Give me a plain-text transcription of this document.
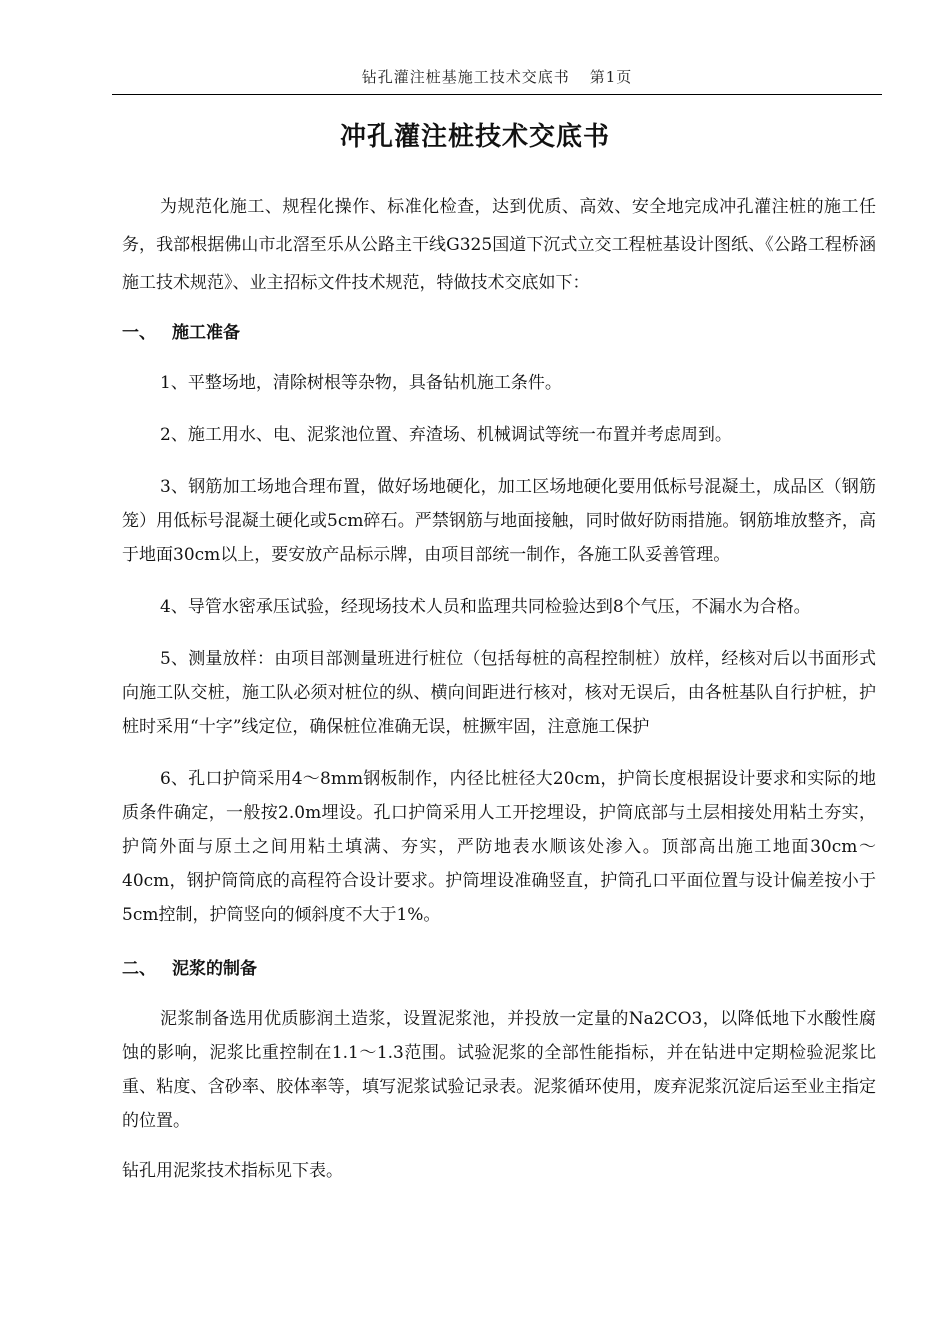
钻孔灌注桩基施工技术交底书 第1页
冲孔灌注桩技术交底书

为规范化施工、规程化操作、标准化检查，达到优质、高效、安全地完成冲孔灌注桩的施工任务，我部根据佛山市北滘至乐从公路主干线G325国道下沉式立交工程桩基设计图纸、《公路工程桥涵施工技术规范》、业主招标文件技术规范，特做技术交底如下：

一、 施工准备

1、平整场地，清除树根等杂物，具备钻机施工条件。

2、施工用水、电、泥浆池位置、弃渣场、机械调试等统一布置并考虑周到。

3、钢筋加工场地合理布置，做好场地硬化，加工区场地硬化要用低标号混凝土，成品区（钢筋笼）用低标号混凝土硬化或5cm碎石。严禁钢筋与地面接触，同时做好防雨措施。钢筋堆放整齐，高于地面30cm以上，要安放产品标示牌，由项目部统一制作，各施工队妥善管理。

4、导管水密承压试验，经现场技术人员和监理共同检验达到8个气压，不漏水为合格。

5、测量放样：由项目部测量班进行桩位（包括每桩的高程控制桩）放样，经核对后以书面形式向施工队交桩，施工队必须对桩位的纵、横向间距进行核对，核对无误后，由各桩基队自行护桩，护桩时采用“十字”线定位，确保桩位准确无误，桩撅牢固，注意施工保护

6、孔口护筒采用4～8mm钢板制作，内径比桩径大20cm，护筒长度根据设计要求和实际的地质条件确定，一般按2.0m埋设。孔口护筒采用人工开挖埋设，护筒底部与土层相接处用粘土夯实，护筒外面与原土之间用粘土填满、夯实，严防地表水顺该处渗入。顶部高出施工地面30cm～40cm，钢护筒筒底的高程符合设计要求。护筒埋设准确竖直，护筒孔口平面位置与设计偏差按小于5cm控制，护筒竖向的倾斜度不大于1%。

二、 泥浆的制备

泥浆制备选用优质膨润土造浆，设置泥浆池，并投放一定量的Na2CO3，以降低地下水酸性腐蚀的影响，泥浆比重控制在1.1～1.3范围。试验泥浆的全部性能指标，并在钻进中定期检验泥浆比重、粘度、含砂率、胶体率等，填写泥浆试验记录表。泥浆循环使用，废弃泥浆沉淀后运至业主指定的位置。

钻孔用泥浆技术指标见下表。
